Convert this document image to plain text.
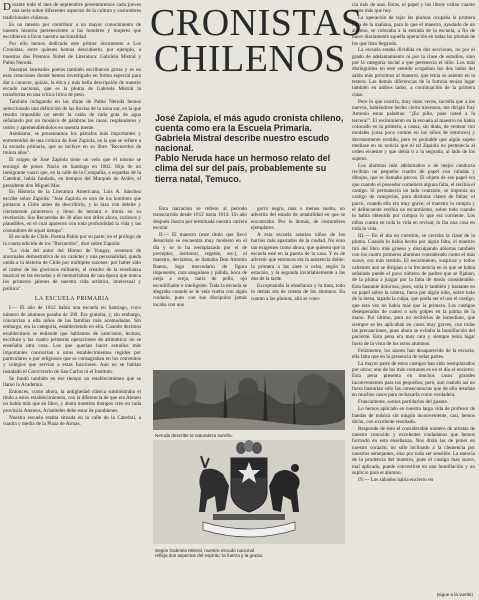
Durante todo el mes de septiembre presentaremos cada jueves una serie sobre diferentes aspectos de la cultura y costumbres tradicionales chilenas.

Es un intento por contribuir a un mayor conocimiento de nuestra historia perteneciente a las hombres y mujeres que escribieron a favor nuestra nacionalidad.

Por ello hemos dedicado este primer documento a Los Cronistas, entre quienes hemos descubierto, por ejemplo, a nuestros dos Premios Nobel de Literatura: Gabriela Mistral y Pablo Neruda.

Nuestros laureados poetas también escribieron prosa y es en esas creaciones donde hemos investigado en forma especial para dar a conocer, quizás, la ética y más bella descripción de nuestro escudo nacional, que es la pluma de Gabriela Mistral la transforma en una crítica lírica de peso.

También indagando en las obras de Pablo Neruda hemos seleccionado una definición de las lluvias de la zona sur, en la que resulta imposible no sentir la caída de cada gota de agua señalando por un mosaico de palabras las casas, resplandores y rostro y aprehendiéndolos en nuestra mente.

Asimismo, se presentamos los párrafos más importantes y entretenidos de una crónica de José Zapiola, en la que se refiere a la escuela primaria, que se incluye en su libro "Recuerdos de treinta años".

El origen de José Zapiola tiene un velo que él mismo se encargó de poner. Nació en Santiago en 1802. Hijo de un inmigrante vasco que, en la calle de la Compañía, a espaldas de la Catedral, había fundado, en tiempos del Marqués de Avilés, el presidente don Miguel Mac.

En Historia de la Literatura Americana, Luis A. Sánchez escribe sobre Zapiola: "José Zapiola es otro de los hombres que pintaron a Chile antes de describirlo, y lo hizo con deleite y ciertamente pintoresco y lleno de ternura e ironía en su revelación. Sus Recuerdos de 30 años son útiles ahora, curiosos y plausibles, en el cual aparecen con toda profundidad la vida y las costumbres de aquel tiempo".

El escudo de Chile. Poema Pablo por su parte, en el prólogo de la cuarta edición de los "Recuerdos", dice sobre Zapiola:

"La vida del autor del Himno de Yungay, aventura de anormales demostrativa de un carácter y una personalidad, queda unida a la historia de Chile por múltiples razones: por haber sido el cantor de los gloriosos militares, el creador de la enseñanza musical en las escuelas y el memorialista de una época que nunca los primeros jalones de nuestra vida artística, intelectual y política".

LA ESCUELA PRIMARIA

I.— El año de 1812 había una escuela en Santiago, cuyo número de alumnos pasaba de 300. Era gratuita, y, sin embargo, concurrían a ella niños de las familias más acomodadas. Sin embargo, era la categoría, estableciendo en ella. Cuando decimos establecimos se entiende que hablamos de catecismo, lectura, escritura y las cuatro primeras operaciones de aritmética: no se enseñaba otra cosa. Los que querían hacer estudios más importantes concurrían a otros establecimientos regidos por particulares o por religiosos que se consagraban en los conventos y colegios que servían a estas funciones. Aun no se habían instalado el Convictorio de San Carlos ni el Instituto.

Se fundó también en ese tiempo un establecimiento que se llamó la Academia.

Entonces, como ahora, la antigüedad clásica suministraba el título a estos establecimientos, con la diferencia de que era Ateneo no había más que en libro, y ahora nuestros tiempos creo en cada provincia Ateneos, Aristóteles debe estar de parabienes.

Nuestra escuela estaba situada en la calle de la Catedral, a cuadra y media de la Plaza de Armas.

CRONISTAS
CHILENOS

José Zapiola, el más agudo cronista chileno, cuenta como era la Escuela Primaria. Gabriela Mistral describe nuestro escudo nacional.

Pablo Neruda hace un hermoso relato del clima del sur del país, probablemente su tierra natal, Temuco.

Esta narración se refiere al período transcurrido desde 1812 hasta 1814. Un año después ilustra por terminada nuestra carrera escolar.

II.— El maestro (este título que llevó Jesucristo se encuentra muy modesto en el día y se lo ha reemplazado por el de preceptor, institutor, regente, etc.), el maestro, decíamos, se llamaba Don Antonio Bueno, lego mercedario de figura imponente, cara sanguínea y pálida, boca de oreja a oreja, nariz de pollo, ojo escudriñador e inteligente. Toda la escuela se alegraba cuando se le veía vuelta con algún cuidado, pues con sus discípulos jamás tocaba con uno

gorro negro, más o menos suelto, no advertía del estado de amabilidad en que se encontraba. Por lo demás, de costumbres ejemplares.

A esta escuela asistían niños de los barrios más apartados de la ciudad. No eran tan exigentes como ahora, que quieren que la escuela esté en la puerta de la casa. Y es de advertir que entonces era la asistencia doble: la primera a las siete u ocho, según la estación, y la segunda invariablemente a las dos de la tarde.

Exceptuando la enseñanza y la tinta, todo lo demás era de cuenta de los alumnos. En cuanto a las plumas, allá se cono-

Neruda describe la naturaleza sureña.
Según Gabriela Mistral, nuestro escudo nacional refleja dos aspectos del espíritu: la fuerza y la gracia.

cía más de asar. Estas, el papel y los libros valían cuanto veces más que hoy.

La operación de tajar las plumas ocupaba la primera hora de la mañana, para lo que el maestro, ayudado de un alumno, se colocaba a la entrada de la escuela, a fin de hacer diariamente aquella operación en todas las plumas de los que iban llegando.

La escuela estaba dividida en dos secciones, no por el grado de adelantamiento ni por la clase de estudios, sino por la categoría social a que pertenecía el niño. Los más distinguidos en este sentido ocupaban los dos lados del salón más próximos al maestro, que tenía su asiento en la testera. Las demás diferencias de la fortuna tenían lugar también en ambos lados, a continuación de la primera clase.

Pero lo que ocurría, muy raras veces, sucedía que a los nuevos, habiéndose hecho cierta travesura, me dirigió fray Antonio estas palabras: "¡Ea pillo, pase usted a la tercera!". El recibimiento en la escuela al maestro no había colocado en la primera, a causa, sin duda, de ventear con modales (cosa poco común en los niños de entonces) y decentemente vestido, pero es probable que algún sujeto mediase en su noticia que el tal Zapiola no pertenecía al orden ecuestre y que debía ir a la segunda, al lado de los sujetos.

Los alumnos más adelantados o de mejor conducta recibían un pequeño cuadro de papel con caladas y dibujos, que se llamaba parcos. El objeto de ese papel era que cuando el poseedor cometiera alguna falta, el recibía el castigo. Si permanecía un lado contrario, se imponía un castigo de categorías, para distintas clases de faltas: el parco, cuando ella era muy grave; el maestro lo rompía y el delincuente recibía un escarmiento, sobre todo cuando lo había obtenido por compra lo que era corriente. Los niños cuesta en toda la vida en revisar, lo iba una cosa en toda la vida.

III.— En el día en cuestión, se cerraba la clase de la pluma. Cuando lo había hecho por algún falta, el maestro tiró del libro más grueso y disculpando abiertas también con los cuatro primeros alumnos considerado como el más suave, era más temido. El escarmiento, suspicaz y todos calientes aun se dirigían a la frecuencia en lo que se había señalado puede el poco número de padres que se fijaban, de la pluma a juzgar por la falta de modo considerable. Esta bastante dolorosa, pues, solía ir también y bastante en un papel sobre la cabeza, fuera por algún niño, sobre todo de la mesa, tapado la culpa, que podía ser el uso el castigo, que esta vez no había más que la primera. Los castigos desesperados de cuatro o seis golpes en la palma de la mano. Por último, para no recibirlos de inmediato, que siempre se les aplicaban en casos muy graves, con todas las precauciones, pues ahora se evitaba la humillación del paciente. Esta pena era muy rara y siempre tenía lugar fuera de la vista de los otros alumnos.

Felizmente, los azotes han desaparecido de la escuela; ella falta que en la presencia de todas partes.

La mayor parte de estos castigos han sido reemplazados por otros; uno de los más comunes es en el día el encierro. Esta pena presenta en muchos casos grandes inconvenientes para los pequeños; pero, aun cuando así no fuera bastarían sólo las consecuencias que de ella resultan en muchos casos para rechazarla como verdadera.

Francamente, somos partidarios del guante.

Lo hemos aplicado en nuestra larga vida de profesor de bandas de música sin ningún inconveniente, casi, hemos dicho, con excelente resultado.

Responde de ésto el considerable número de artistas de nuestro conocido y excelentes ciudadanos que hemos formado en esta enseñanza. Nos dirán las de poner en nuestro corazón, no sólo inclinado a la clemencia por nuestros semejantes, sino por todo ser sensible. La esencia de la prudencia del maestro, pues el castigo mas suave, mal aplicado, puede convertirse en una humillación y un suplicio para el alumno.

IV.— Los sábados había encierro en

(sigue a la vuelta)
